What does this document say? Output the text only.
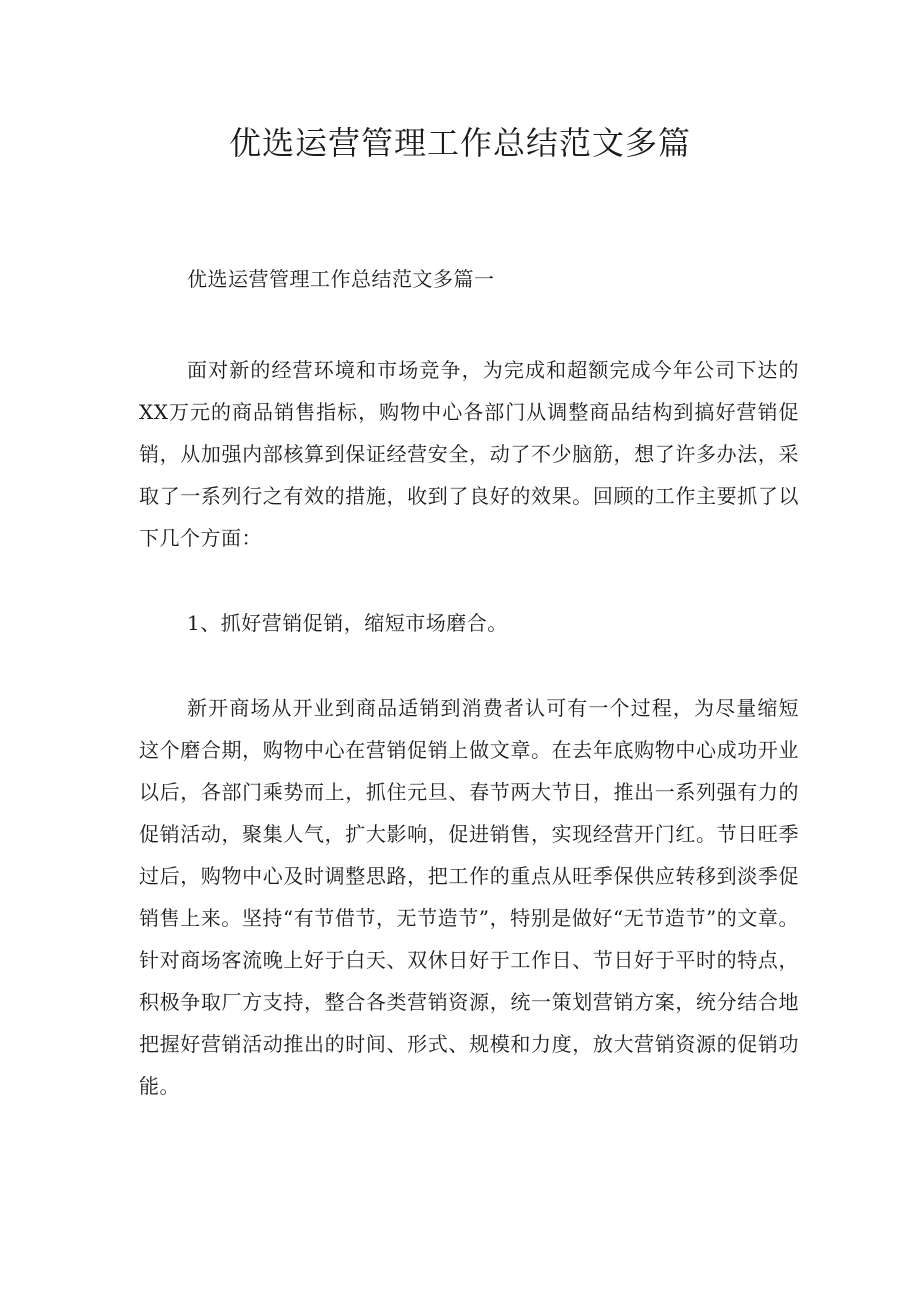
优选运营管理工作总结范文多篇

优选运营管理工作总结范文多篇一

面对新的经营环境和市场竞争，为完成和超额完成今年公司下达的XX万元的商品销售指标，购物中心各部门从调整商品结构到搞好营销促销，从加强内部核算到保证经营安全，动了不少脑筋，想了许多办法，采取了一系列行之有效的措施，收到了良好的效果。回顾的工作主要抓了以下几个方面：

1、抓好营销促销，缩短市场磨合。

新开商场从开业到商品适销到消费者认可有一个过程，为尽量缩短这个磨合期，购物中心在营销促销上做文章。在去年底购物中心成功开业以后，各部门乘势而上，抓住元旦、春节两大节日，推出一系列强有力的促销活动，聚集人气，扩大影响，促进销售，实现经营开门红。节日旺季过后，购物中心及时调整思路，把工作的重点从旺季保供应转移到淡季促销售上来。坚持“有节借节，无节造节”，特别是做好“无节造节”的文章。针对商场客流晚上好于白天、双休日好于工作日、节日好于平时的特点，积极争取厂方支持，整合各类营销资源，统一策划营销方案，统分结合地把握好营销活动推出的时间、形式、规模和力度，放大营销资源的促销功能。
